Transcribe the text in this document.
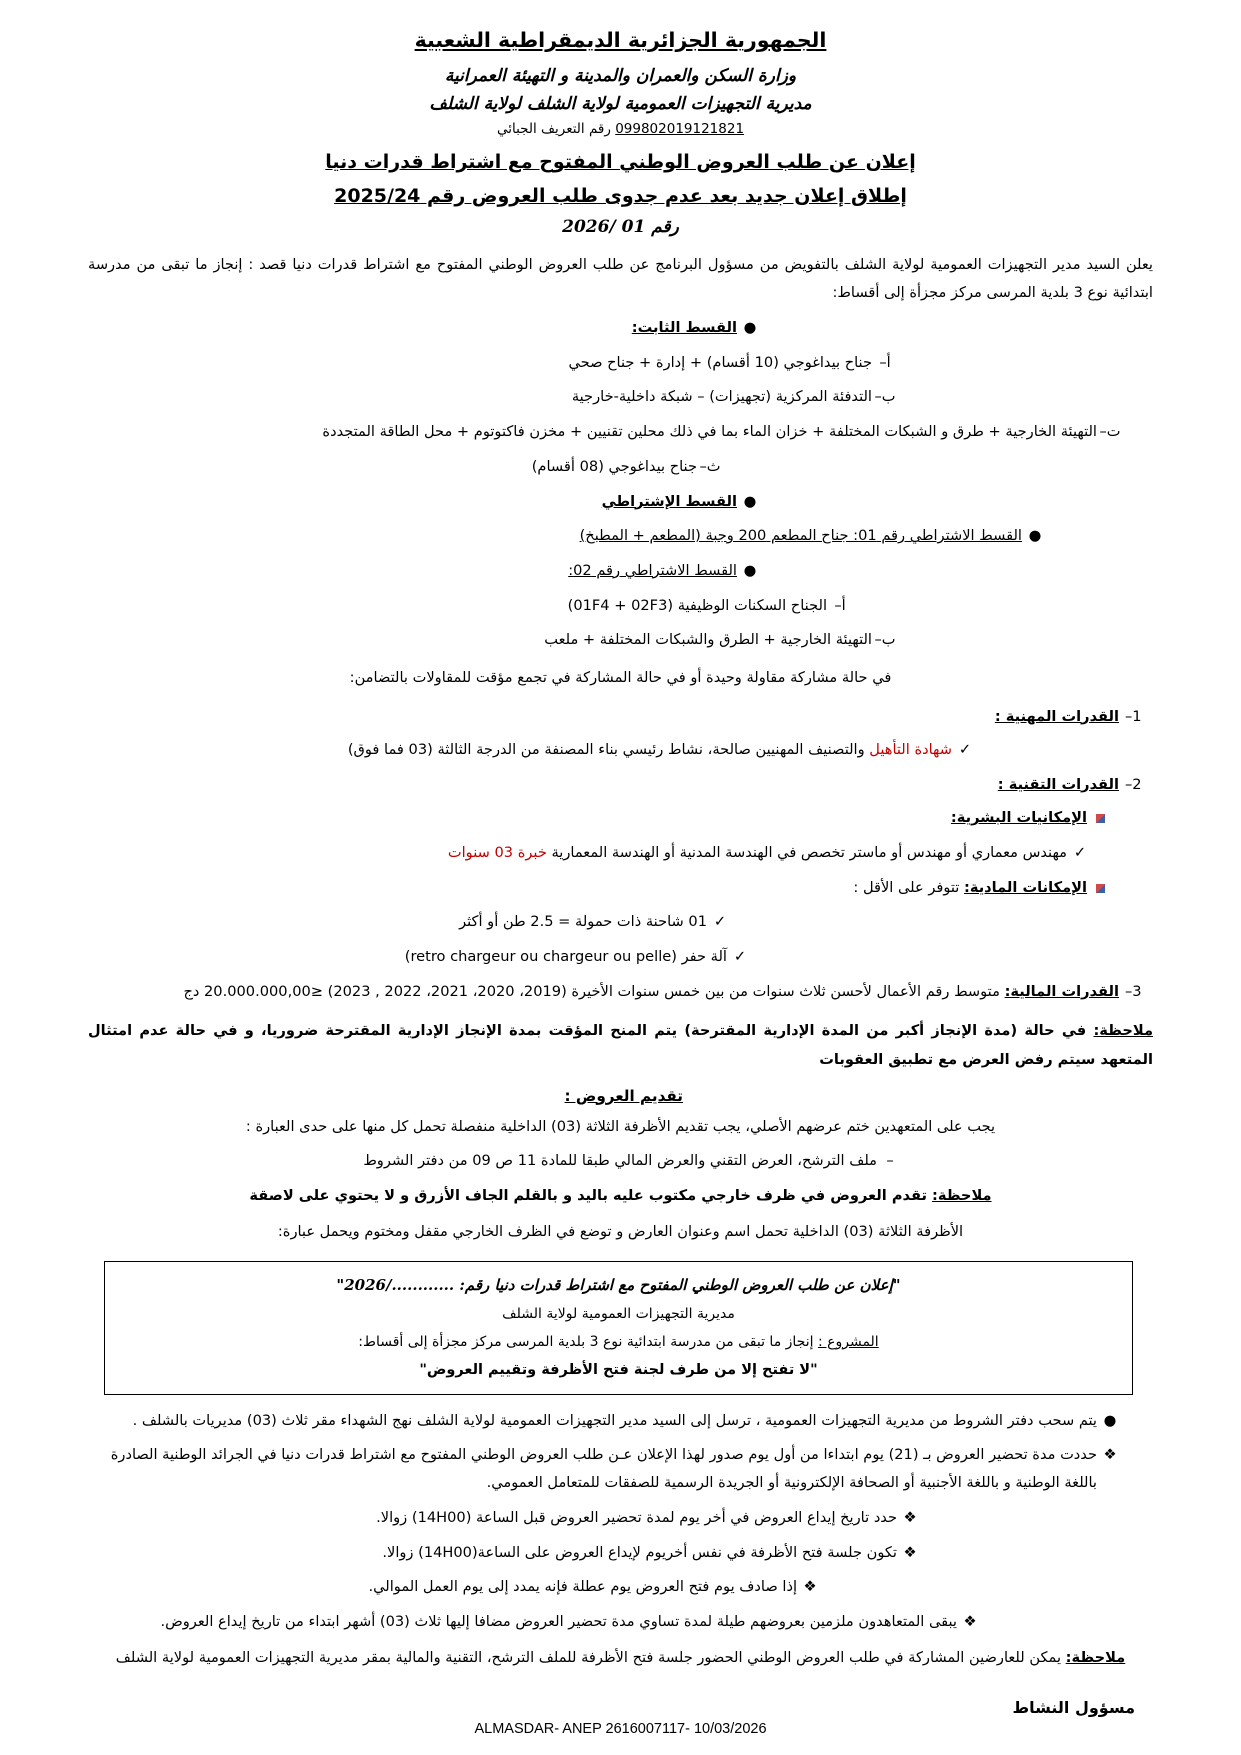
الجمهورية الجزائرية الديمقراطية الشعبية
وزارة السكن والعمران والمدينة و التهيئة العمرانية
مديرية التجهيزات العمومية لولاية الشلف لولاية الشلف
099802019121821 رقم التعريف الجبائي
إعلان عن طلب العروض الوطني المفتوح مع اشتراط قدرات دنيا
إطلاق إعلان جديد بعد عدم جدوى طلب العروض رقم 2025/24
رقم 01 /2026

يعلن السيد مدير التجهيزات العمومية لولاية الشلف بالتفويض من مسؤول البرنامج عن طلب العروض الوطني المفتوح مع اشتراط قدرات دنيا قصد : إنجاز ما تبقى من مدرسة ابتدائية نوع 3 بلدية المرسى مركز مجزأة إلى أقساط:

●
القسط الثابت:
أ–
جناح بيداغوجي (10 أقسام) + إدارة + جناح صحي
ب–
التدفئة المركزية (تجهيزات) – شبكة داخلية-خارجية
ت–
التهيئة الخارجية + طرق و الشبكات المختلفة + خزان الماء بما في ذلك محلين تقنيين + مخزن فاكتوتوم + محل الطاقة المتجددة
ث–
جناح بيداغوجي (08 أقسام)
●
القسط الإشتراطي
●
القسط الاشتراطي رقم 01: جناح المطعم 200 وجبة (المطعم + المطبخ)
●
القسط الاشتراطي رقم 02:
أ–
الجناح السكنات الوظيفية (01F4 + 02F3)
ب–
التهيئة الخارجية + الطرق والشبكات المختلفة + ملعب

في حالة مشاركة مقاولة وحيدة أو في حالة المشاركة في تجمع مؤقت للمقاولات بالتضامن:

1–
القدرات المهنية :
✓
شهادة التأهيل والتصنيف المهنيين صالحة، نشاط رئيسي بناء المصنفة من الدرجة الثالثة (03 فما فوق)
2–
القدرات التقنية :
الإمكانيات البشرية:
✓
مهندس معماري أو مهندس أو ماستر تخصص في الهندسة المدنية أو الهندسة المعمارية خبرة 03 سنوات
الإمكانات المادية: تتوفر على الأقل :
✓
01 شاحنة ذات حمولة = 2.5 طن أو أكثر
✓
آلة حفر (retro chargeur ou chargeur ou pelle)
3–
القدرات المالية: متوسط رقم الأعمال لأحسن ثلاث سنوات من بين خمس سنوات الأخيرة (2019، 2020، 2021، 2022 , 2023) ≤20.000.000,00 دج

ملاحظة: في حالة (مدة الإنجاز أكبر من المدة الإدارية المقترحة) يتم المنح المؤقت بمدة الإنجاز الإدارية المقترحة ضروريا، و في حالة عدم امتثال المتعهد سيتم رفض العرض مع تطبيق العقوبات

تقديم العروض :

يجب على المتعهدين ختم عرضهم الأصلي، يجب تقديم الأظرفة الثلاثة (03) الداخلية منفصلة تحمل كل منها على حدى العبارة :

–
ملف الترشح، العرض التقني والعرض المالي طبقا للمادة 11 ص 09 من دفتر الشروط

ملاحظة: تقدم العروض في ظرف خارجي مكتوب عليه باليد و بالقلم الجاف الأزرق و لا يحتوي على لاصقة

الأظرفة الثلاثة (03) الداخلية تحمل اسم وعنوان العارض و توضع في الظرف الخارجي مقفل ومختوم ويحمل عبارة:

"إعلان عن طلب العروض الوطني المفتوح مع اشتراط قدرات دنيا رقم: ............/2026"
مديرية التجهيزات العمومية لولاية الشلف
المشروع : إنجاز ما تبقى من مدرسة ابتدائية نوع 3 بلدية المرسى مركز مجزأة إلى أقساط:
"لا تفتح إلا من طرف لجنة فتح الأظرفة وتقييم العروض"
●
يتم سحب دفتر الشروط من مديرية التجهيزات العمومية ، ترسل إلى السيد مدير التجهيزات العمومية لولاية الشلف نهج الشهداء مقر ثلاث (03) مديريات بالشلف .
❖
حددت مدة تحضير العروض بـ (21) يوم ابتداءا من أول يوم صدور لهذا الإعلان عـن طلب العروض الوطني المفتوح مع اشتراط قدرات دنيا في الجرائد الوطنية الصادرة باللغة الوطنية و باللغة الأجنبية أو الصحافة الإلكترونية أو الجريدة الرسمية للصفقات للمتعامل العمومي.
❖
حدد تاريخ إيداع العروض في أخر يوم لمدة تحضير العروض قبل الساعة (14H00) زوالا.
❖
تكون جلسة فتح الأظرفة في نفس أخريوم لإيداع العروض على الساعة(14H00) زوالا.
❖
إذا صادف يوم فتح العروض يوم عطلة فإنه يمدد إلى يوم العمل الموالي.
❖
يبقى المتعاهدون ملزمين بعروضهم طيلة لمدة تساوي مدة تحضير العروض مضافا إليها ثلاث (03) أشهر ابتداء من تاريخ إيداع العروض.

ملاحظة: يمكن للعارضين المشاركة في طلب العروض الوطني الحضور جلسة فتح الأظرفة للملف الترشح، التقنية والمالية بمقر مديرية التجهيزات العمومية لولاية الشلف

مسؤول النشاط
ALMASDAR- ANEP 2616007117- 10/03/2026
